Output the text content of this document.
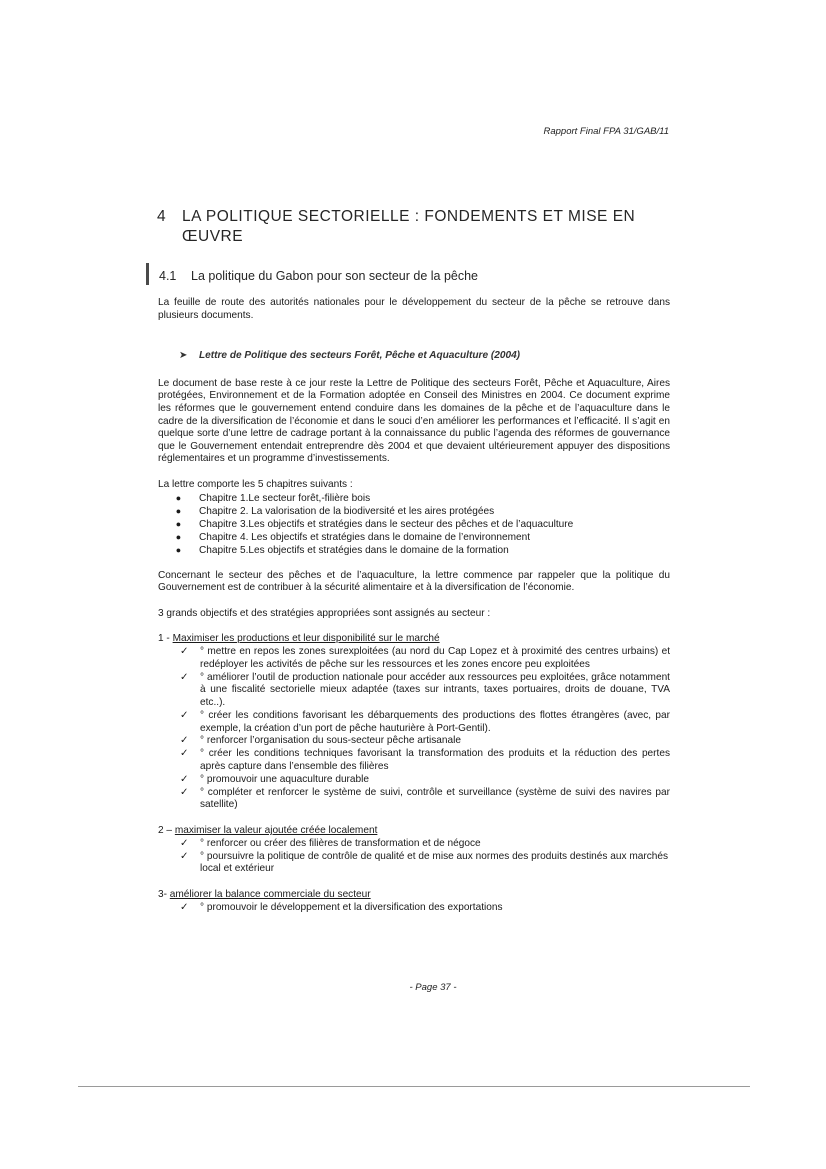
Rapport Final FPA 31/GAB/11
4	LA POLITIQUE SECTORIELLE : FONDEMENTS ET MISE EN ŒUVRE
4.1 La politique du Gabon pour son secteur de la pêche

La feuille de route des autorités nationales pour le développement du secteur de la pêche se retrouve dans plusieurs documents.

➤	Lettre de Politique des secteurs Forêt, Pêche et Aquaculture (2004)

Le document de base reste à ce jour reste la Lettre de Politique des secteurs Forêt, Pêche et Aquaculture, Aires protégées, Environnement et de la Formation adoptée en Conseil des Ministres en 2004. Ce document exprime les réformes que le gouvernement entend conduire dans les domaines de la pêche et de l’aquaculture dans le cadre de la diversification de l’économie et dans le souci d’en améliorer les performances et l’efficacité. Il s’agit en quelque sorte d’une lettre de cadrage portant à la connaissance du public l’agenda des réformes de gouvernance que le Gouvernement entendait entreprendre dès 2004 et que devaient ultérieurement appuyer des dispositions réglementaires et un programme d’investissements.

La lettre comporte les 5 chapitres suivants :

●	Chapitre 1.Le secteur forêt,-filière bois
●	Chapitre 2. La valorisation de la biodiversité et les aires protégées
●	Chapitre 3.Les objectifs et stratégies dans le secteur des pêches et de l’aquaculture
●	Chapitre 4. Les objectifs et stratégies dans le domaine de l’environnement
●	Chapitre 5.Les objectifs et stratégies dans le domaine de la formation

Concernant le secteur des pêches et de l’aquaculture, la lettre commence par rappeler que la politique du Gouvernement est de contribuer à la sécurité alimentaire et à la diversification de l’économie.

3 grands objectifs et des stratégies appropriées sont assignés au secteur :

1 - Maximiser les productions et leur disponibilité sur le marché
✓	° mettre en repos les zones surexploitées (au nord du Cap Lopez et à proximité des centres urbains) et redéployer les activités de pêche sur les ressources et les zones encore peu exploitées
✓	° améliorer l’outil de production nationale pour accéder aux ressources peu exploitées, grâce notamment à une fiscalité sectorielle mieux adaptée (taxes sur intrants, taxes portuaires, droits de douane, TVA etc..).
✓	° créer les conditions favorisant les débarquements des productions des flottes étrangères (avec, par exemple, la création d’un port de pêche hauturière à Port-Gentil).
✓	° renforcer l’organisation du sous-secteur pêche artisanale
✓	° créer les conditions techniques favorisant la transformation des produits et la réduction des pertes après capture dans l’ensemble des filières
✓	° promouvoir une aquaculture durable
✓	° compléter et renforcer le système de suivi, contrôle et surveillance (système de suivi des navires par satellite)
2 – maximiser la valeur ajoutée créée localement
✓	° renforcer ou créer des filières de transformation et de négoce
✓	° poursuivre la politique de contrôle de qualité et de mise aux normes des produits destinés aux marchés local et extérieur
3- améliorer la balance commerciale du secteur
✓	° promouvoir le développement et la diversification des exportations
- Page 37 -
